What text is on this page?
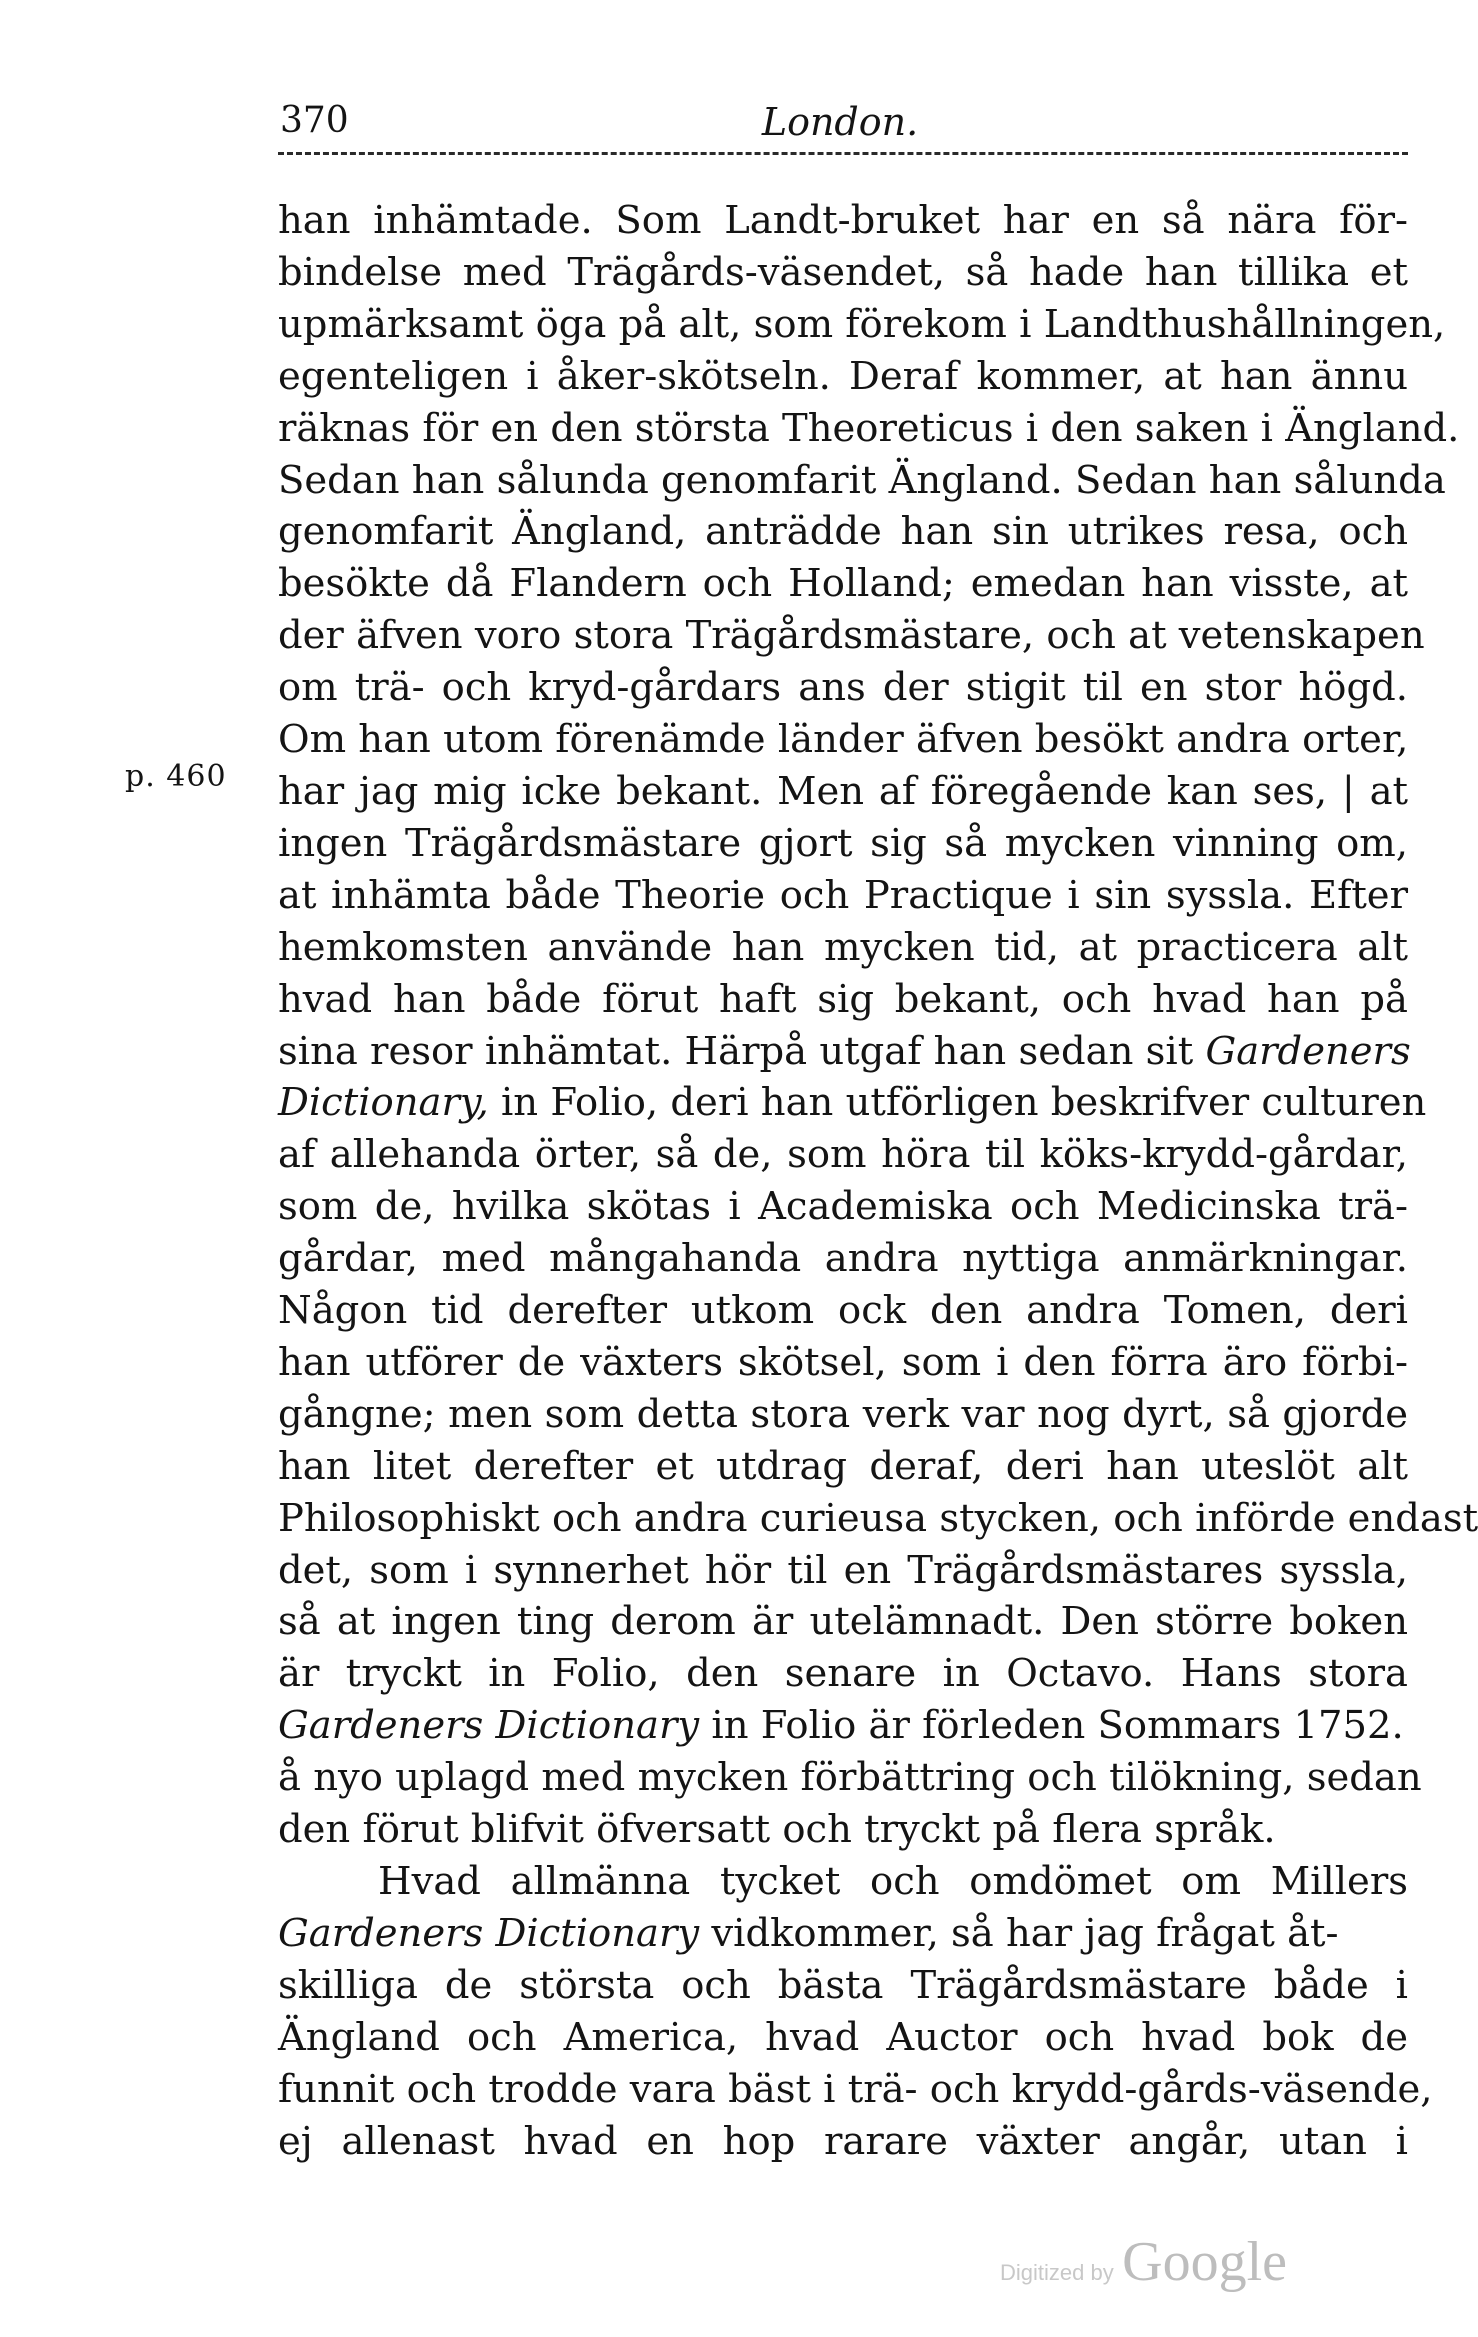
370	London.
p. 460
han inhämtade. Som Landt-bruket har en så nära för-
bindelse med Trägårds-väsendet, så hade han tillika et
upmärksamt öga på alt, som förekom i Landthushållningen,
egenteligen i åker-skötseln. Deraf kommer, at han ännu
räknas för en den största Theoreticus i den saken i Ängland.
Sedan han sålunda genomfarit Ängland. Sedan han sålunda
genomfarit Ängland, anträdde han sin utrikes resa, och
besökte då Flandern och Holland; emedan han visste, at
der äfven voro stora Trägårdsmästare, och at vetenskapen
om trä- och kryd-gårdars ans der stigit til en stor högd.
Om han utom förenämde länder äfven besökt andra orter,
har jag mig icke bekant. Men af föregående kan ses, | at
ingen Trägårdsmästare gjort sig så mycken vinning om,
at inhämta både Theorie och Practique i sin syssla. Efter
hemkomsten använde han mycken tid, at practicera alt
hvad han både förut haft sig bekant, och hvad han på
sina resor inhämtat. Härpå utgaf han sedan sit Gardeners
Dictionary, in Folio, deri han utförligen beskrifver culturen
af allehanda örter, så de, som höra til köks-krydd-gårdar,
som de, hvilka skötas i Academiska och Medicinska trä-
gårdar, med mångahanda andra nyttiga anmärkningar.
Någon tid derefter utkom ock den andra Tomen, deri
han utförer de växters skötsel, som i den förra äro förbi-
gångne; men som detta stora verk var nog dyrt, så gjorde
han litet derefter et utdrag deraf, deri han uteslöt alt
Philosophiskt och andra curieusa stycken, och införde endast
det, som i synnerhet hör til en Trägårdsmästares syssla,
så at ingen ting derom är utelämnadt. Den större boken
är tryckt in Folio, den senare in Octavo. Hans stora
Gardeners Dictionary in Folio är förleden Sommars 1752.
å nyo uplagd med mycken förbättring och tilökning, sedan
den förut blifvit öfversatt och tryckt på flera språk.
Hvad allmänna tycket och omdömet om Millers
Gardeners Dictionary vidkommer, så har jag frågat åt-
skilliga de största och bästa Trägårdsmästare både i
Ängland och America, hvad Auctor och hvad bok de
funnit och trodde vara bäst i trä- och krydd-gårds-väsende,
ej allenast hvad en hop rarare växter angår, utan i
Digitized by Google
